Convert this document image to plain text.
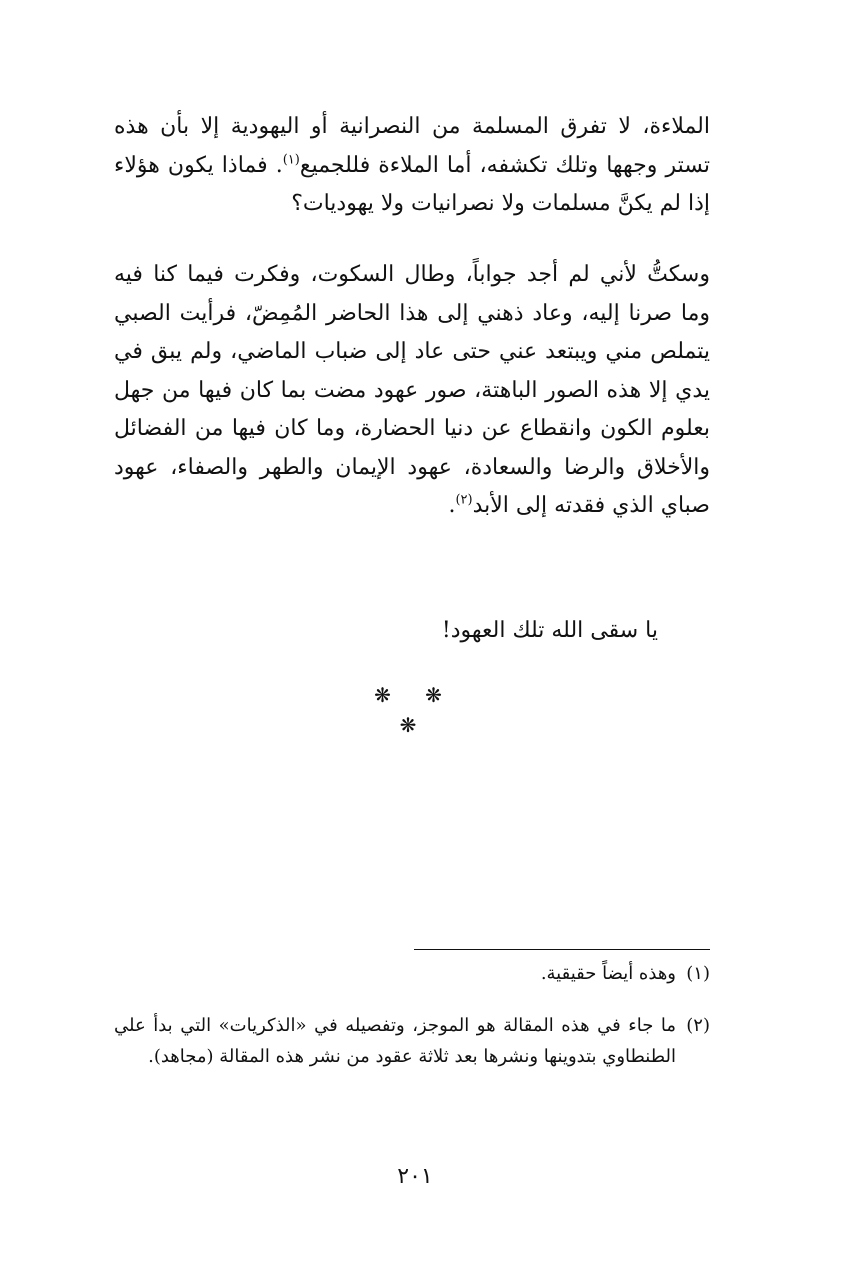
الملاءة، لا تفرق المسلمة من النصرانية أو اليهودية إلا بأن هذه تستر وجهها وتلك تكشفه، أما الملاءة فللجميع$^{(١)}$. فماذا يكون هؤلاء إذا لم يكنَّ مسلمات ولا نصرانيات ولا يهوديات؟
وسكتُّ لأني لم أجد جواباً، وطال السكوت، وفكرت فيما كنا فيه وما صرنا إليه، وعاد ذهني إلى هذا الحاضر المُمِضّ، فرأيت الصبي يتملص مني ويبتعد عني حتى عاد إلى ضباب الماضي، ولم يبق في يدي إلا هذه الصور الباهتة، صور عهود مضت بما كان فيها من جهل بعلوم الكون وانقطاع عن دنيا الحضارة، وما كان فيها من الفضائل والأخلاق والرضا والسعادة، عهود الإيمان والطهر والصفاء، عهود صباي الذي فقدته إلى الأبد$^{(٢)}$.
يا سقى الله تلك العهود!
❋ ❋ ❋
(١)
وهذه أيضاً حقيقية.
(٢)
ما جاء في هذه المقالة هو الموجز، وتفصيله في «الذكريات» التي بدأ علي الطنطاوي بتدوينها ونشرها بعد ثلاثة عقود من نشر هذه المقالة (مجاهد).
٢٠١
